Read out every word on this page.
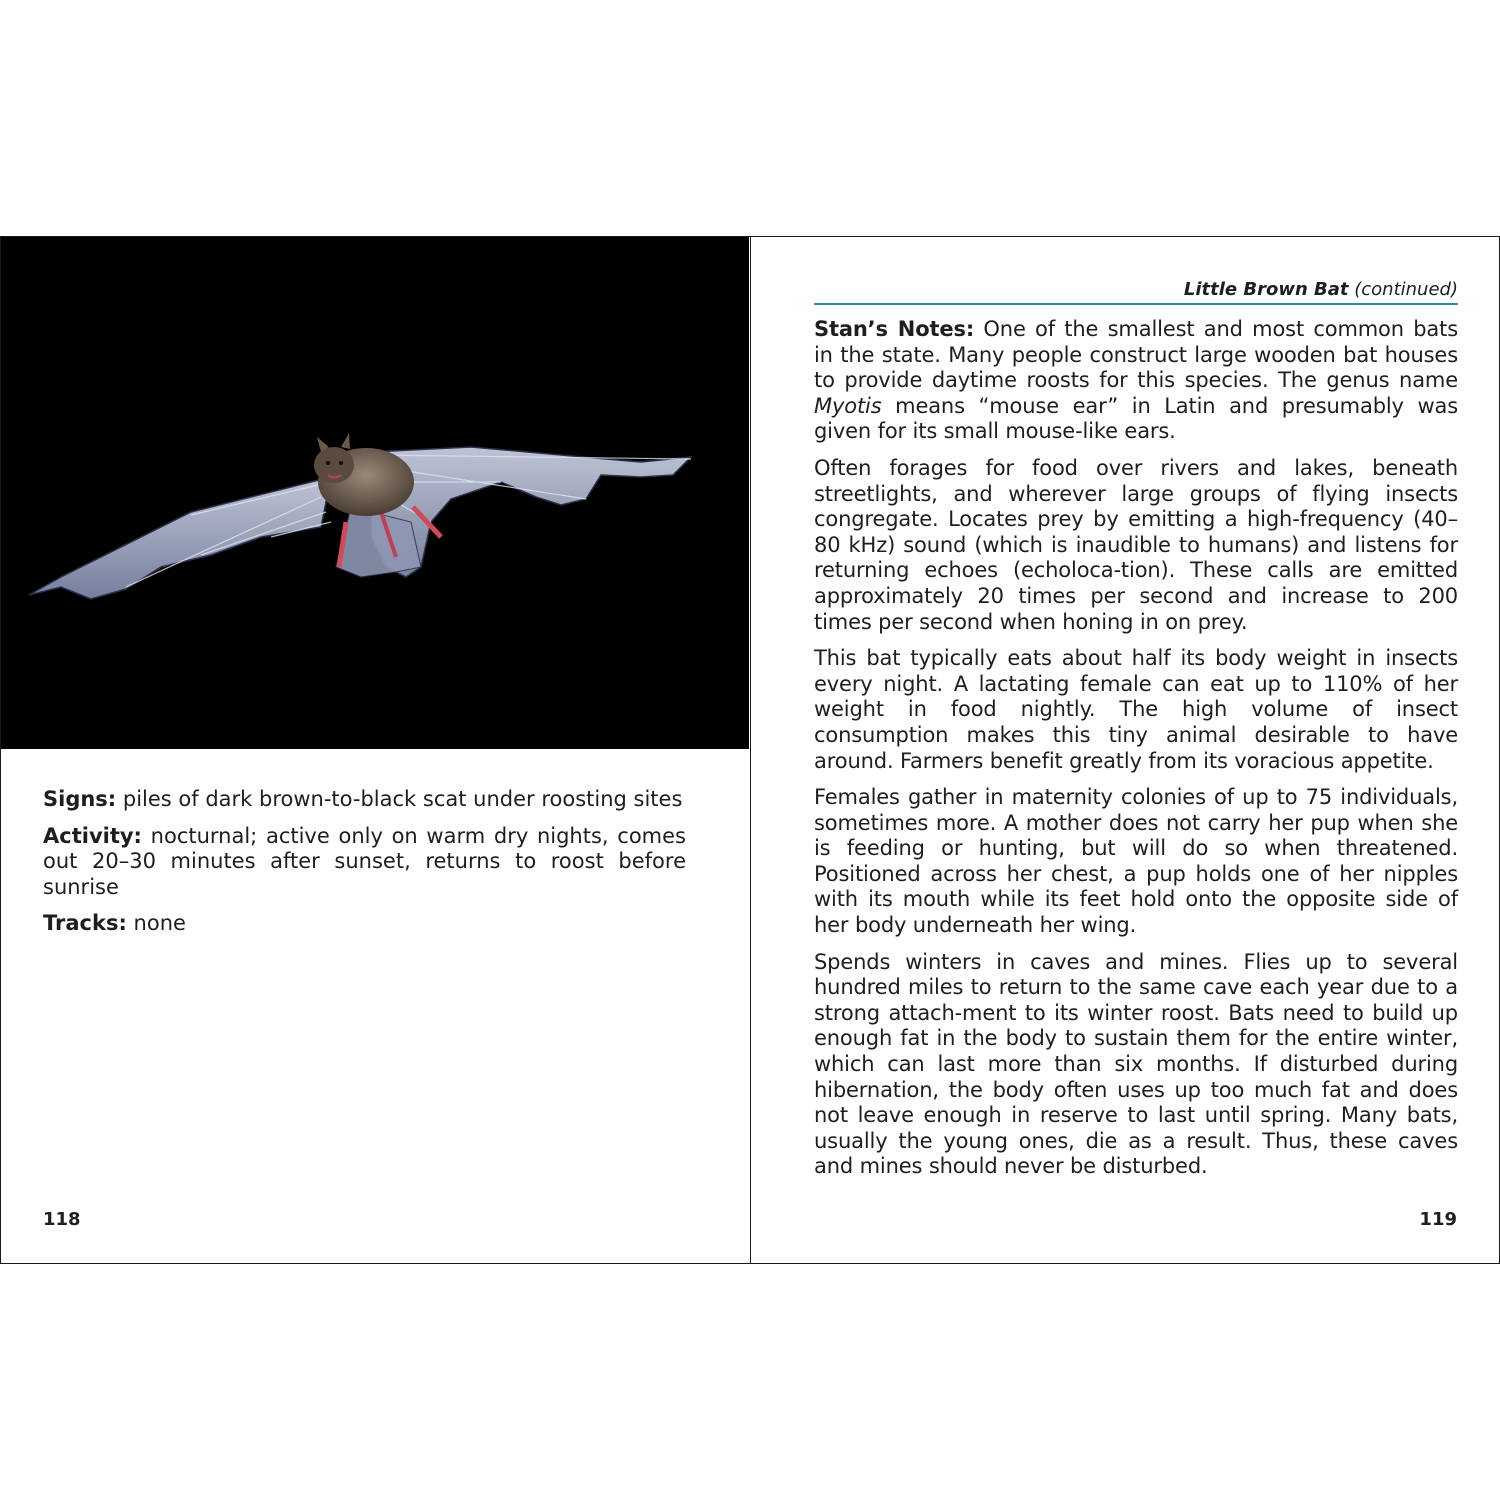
Signs: piles of dark brown-to-black scat under roosting sites

Activity: nocturnal; active only on warm dry nights, comes out 20–30 minutes after sunset, returns to roost before sunrise

Tracks: none

118
Little Brown Bat (continued)

Stan’s Notes: One of the smallest and most common bats in the state. Many people construct large wooden bat houses to provide daytime roosts for this species. The genus name Myotis means “mouse ear” in Latin and presumably was given for its small mouse-like ears.

Often forages for food over rivers and lakes, beneath streetlights, and wherever large groups of flying insects congregate. Locates prey by emitting a high-frequency (40–80 kHz) sound (which is inaudible to humans) and listens for returning echoes (echoloca-tion). These calls are emitted approximately 20 times per second and increase to 200 times per second when honing in on prey.

This bat typically eats about half its body weight in insects every night. A lactating female can eat up to 110% of her weight in food nightly. The high volume of insect consumption makes this tiny animal desirable to have around. Farmers benefit greatly from its voracious appetite.

Females gather in maternity colonies of up to 75 individuals, sometimes more. A mother does not carry her pup when she is feeding or hunting, but will do so when threatened. Positioned across her chest, a pup holds one of her nipples with its mouth while its feet hold onto the opposite side of her body underneath her wing.

Spends winters in caves and mines. Flies up to several hundred miles to return to the same cave each year due to a strong attach-ment to its winter roost. Bats need to build up enough fat in the body to sustain them for the entire winter, which can last more than six months. If disturbed during hibernation, the body often uses up too much fat and does not leave enough in reserve to last until spring. Many bats, usually the young ones, die as a result. Thus, these caves and mines should never be disturbed.

119
